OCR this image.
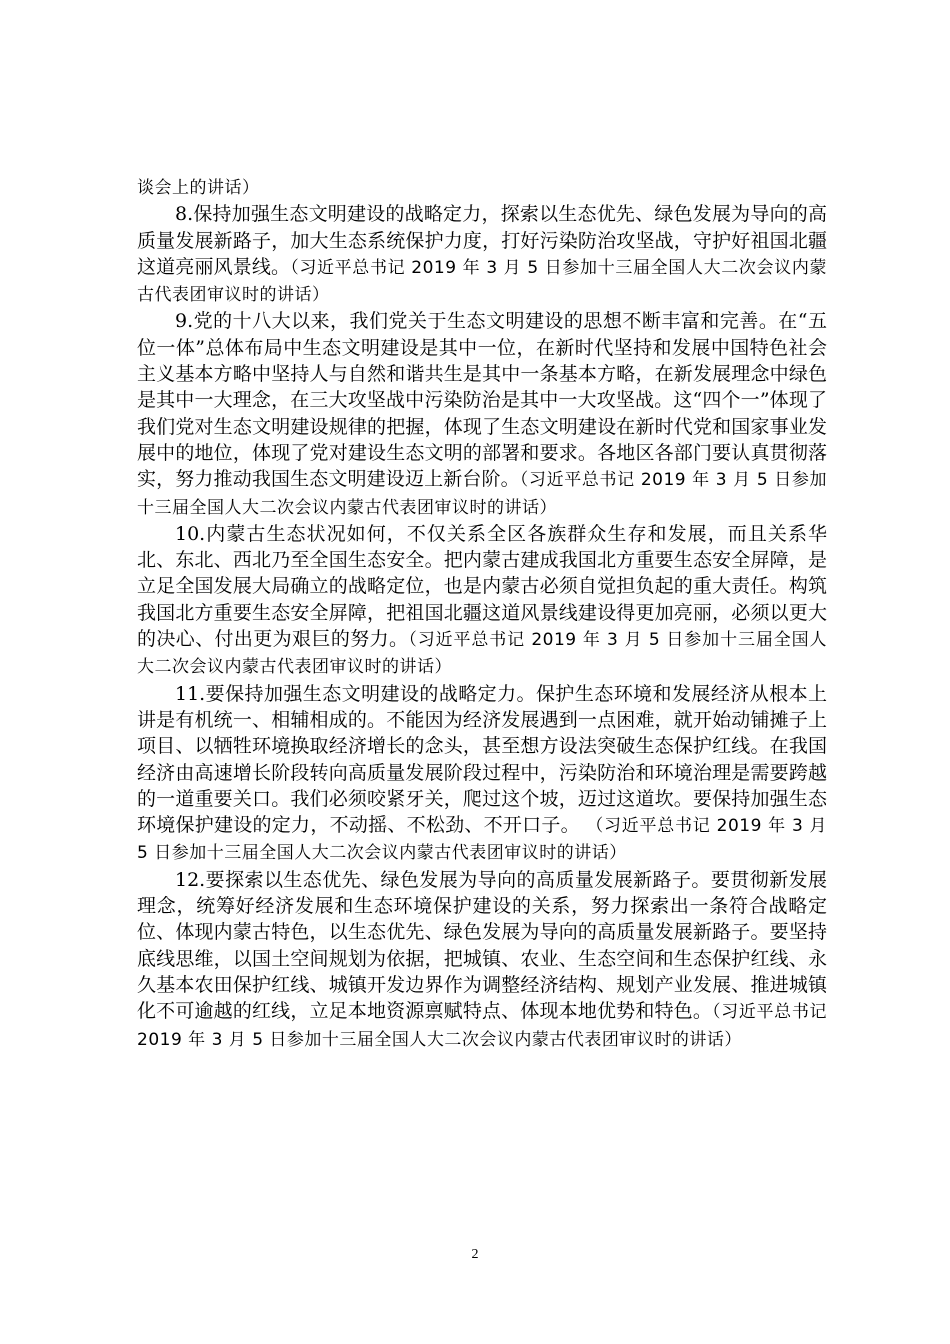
谈会上的讲话）

8.保持加强生态文明建设的战略定力，探索以生态优先、绿色发展为导向的高质量发展新路子，加大生态系统保护力度，打好污染防治攻坚战，守护好祖国北疆这道亮丽风景线。（习近平总书记 2019 年 3 月 5 日参加十三届全国人大二次会议内蒙古代表团审议时的讲话）

9.党的十八大以来，我们党关于生态文明建设的思想不断丰富和完善。在“五位一体”总体布局中生态文明建设是其中一位，在新时代坚持和发展中国特色社会主义基本方略中坚持人与自然和谐共生是其中一条基本方略，在新发展理念中绿色是其中一大理念，在三大攻坚战中污染防治是其中一大攻坚战。这“四个一”体现了我们党对生态文明建设规律的把握，体现了生态文明建设在新时代党和国家事业发展中的地位，体现了党对建设生态文明的部署和要求。各地区各部门要认真贯彻落实，努力推动我国生态文明建设迈上新台阶。（习近平总书记 2019 年 3 月 5 日参加十三届全国人大二次会议内蒙古代表团审议时的讲话）

10.内蒙古生态状况如何，不仅关系全区各族群众生存和发展，而且关系华北、东北、西北乃至全国生态安全。把内蒙古建成我国北方重要生态安全屏障，是立足全国发展大局确立的战略定位，也是内蒙古必须自觉担负起的重大责任。构筑我国北方重要生态安全屏障，把祖国北疆这道风景线建设得更加亮丽，必须以更大的决心、付出更为艰巨的努力。（习近平总书记 2019 年 3 月 5 日参加十三届全国人大二次会议内蒙古代表团审议时的讲话）

11.要保持加强生态文明建设的战略定力。保护生态环境和发展经济从根本上讲是有机统一、相辅相成的。不能因为经济发展遇到一点困难，就开始动铺摊子上项目、以牺牲环境换取经济增长的念头，甚至想方设法突破生态保护红线。在我国经济由高速增长阶段转向高质量发展阶段过程中，污染防治和环境治理是需要跨越的一道重要关口。我们必须咬紧牙关，爬过这个坡，迈过这道坎。要保持加强生态环境保护建设的定力，不动摇、不松劲、不开口子。 （习近平总书记 2019 年 3 月 5 日参加十三届全国人大二次会议内蒙古代表团审议时的讲话）

12.要探索以生态优先、绿色发展为导向的高质量发展新路子。要贯彻新发展理念，统筹好经济发展和生态环境保护建设的关系，努力探索出一条符合战略定位、体现内蒙古特色，以生态优先、绿色发展为导向的高质量发展新路子。要坚持底线思维，以国土空间规划为依据，把城镇、农业、生态空间和生态保护红线、永久基本农田保护红线、城镇开发边界作为调整经济结构、规划产业发展、推进城镇化不可逾越的红线，立足本地资源禀赋特点、体现本地优势和特色。（习近平总书记 2019 年 3 月 5 日参加十三届全国人大二次会议内蒙古代表团审议时的讲话）

2
